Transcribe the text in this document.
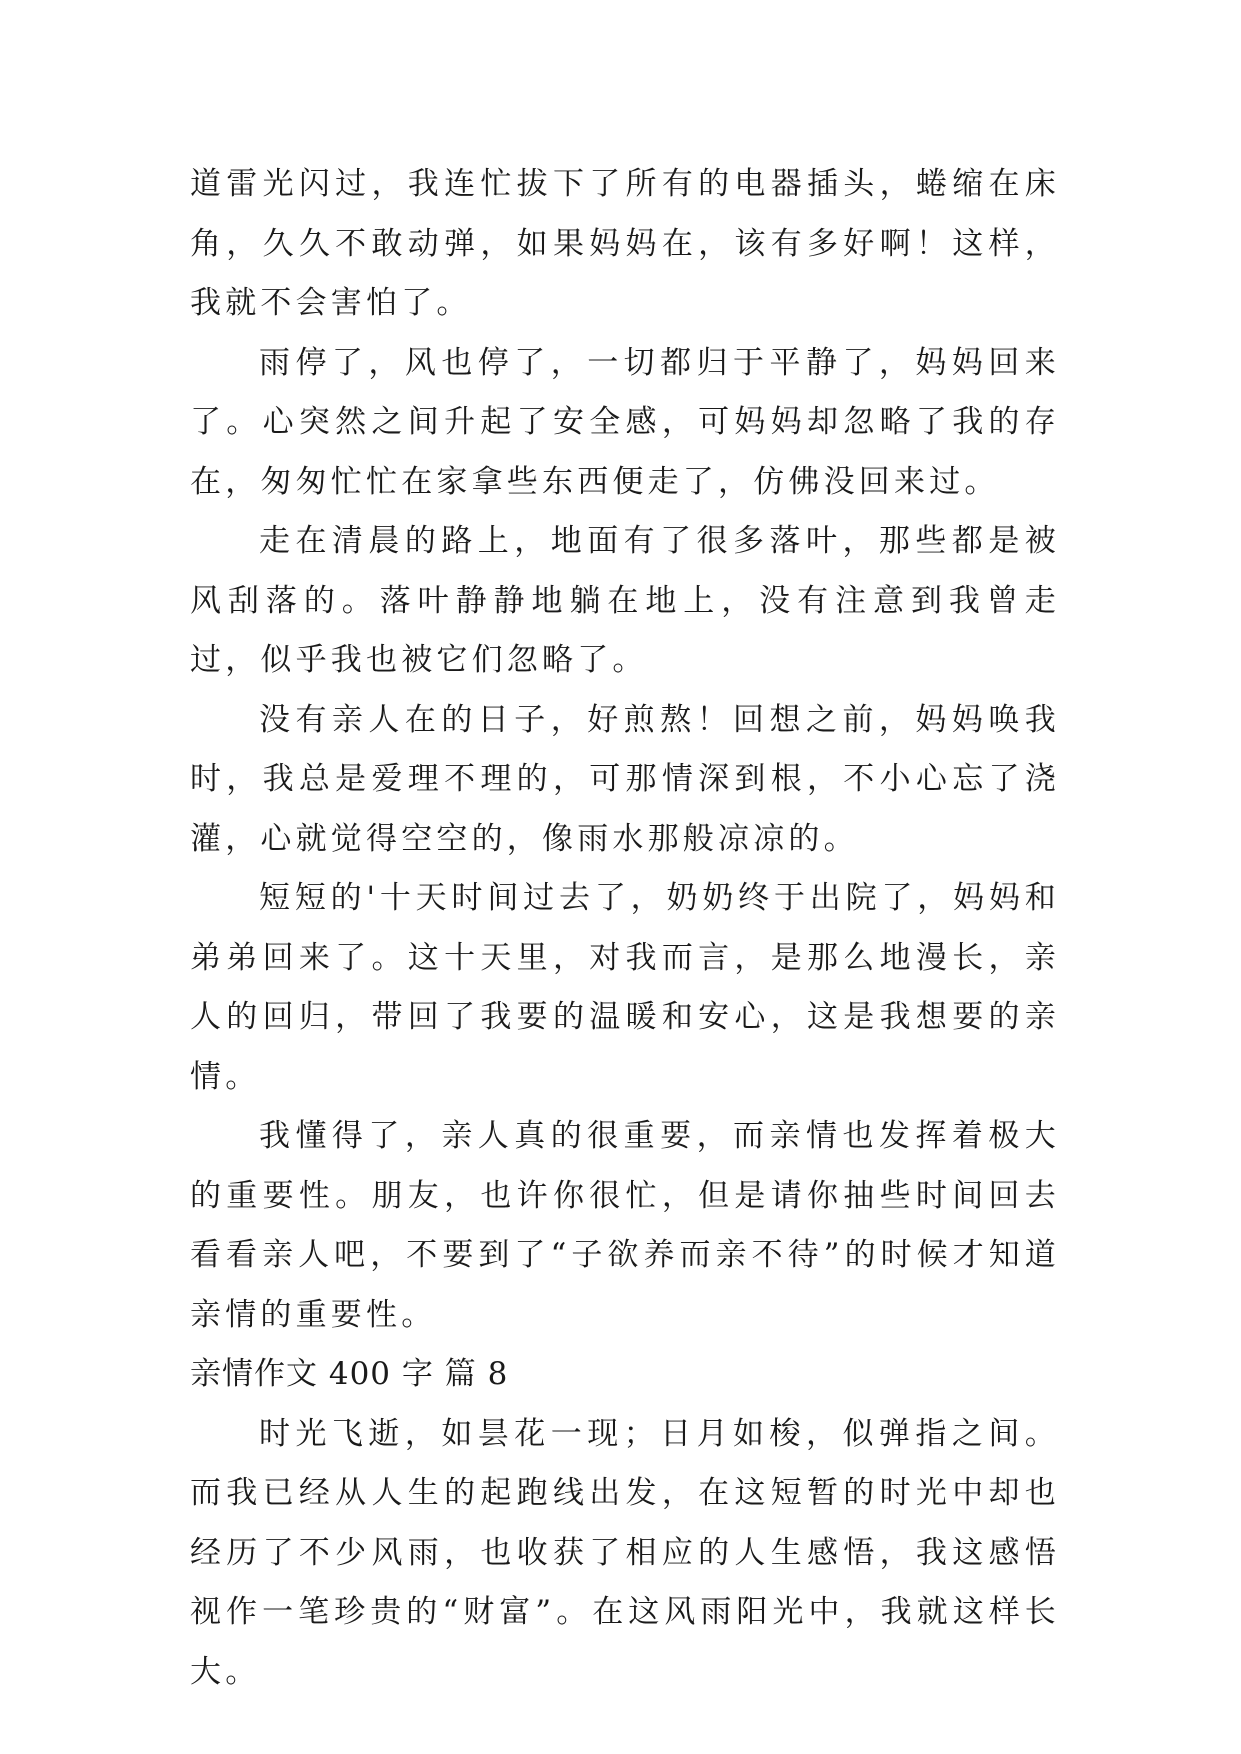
道雷光闪过，我连忙拔下了所有的电器插头，蜷缩在床角，久久不敢动弹，如果妈妈在，该有多好啊！这样，我就不会害怕了。

雨停了，风也停了，一切都归于平静了，妈妈回来了。心突然之间升起了安全感，可妈妈却忽略了我的存在，匆匆忙忙在家拿些东西便走了，仿佛没回来过。

走在清晨的路上，地面有了很多落叶，那些都是被风刮落的。落叶静静地躺在地上，没有注意到我曾走过，似乎我也被它们忽略了。

没有亲人在的日子，好煎熬！回想之前，妈妈唤我时，我总是爱理不理的，可那情深到根，不小心忘了浇灌，心就觉得空空的，像雨水那般凉凉的。

短短的'十天时间过去了，奶奶终于出院了，妈妈和弟弟回来了。这十天里，对我而言，是那么地漫长，亲人的回归，带回了我要的温暖和安心，这是我想要的亲情。

我懂得了，亲人真的很重要，而亲情也发挥着极大的重要性。朋友，也许你很忙，但是请你抽些时间回去看看亲人吧，不要到了“子欲养而亲不待”的时候才知道亲情的重要性。

亲情作文 400 字 篇 8

时光飞逝，如昙花一现；日月如梭，似弹指之间。而我已经从人生的起跑线出发，在这短暂的时光中却也经历了不少风雨，也收获了相应的人生感悟，我这感悟视作一笔珍贵的“财富”。在这风雨阳光中，我就这样长大。
